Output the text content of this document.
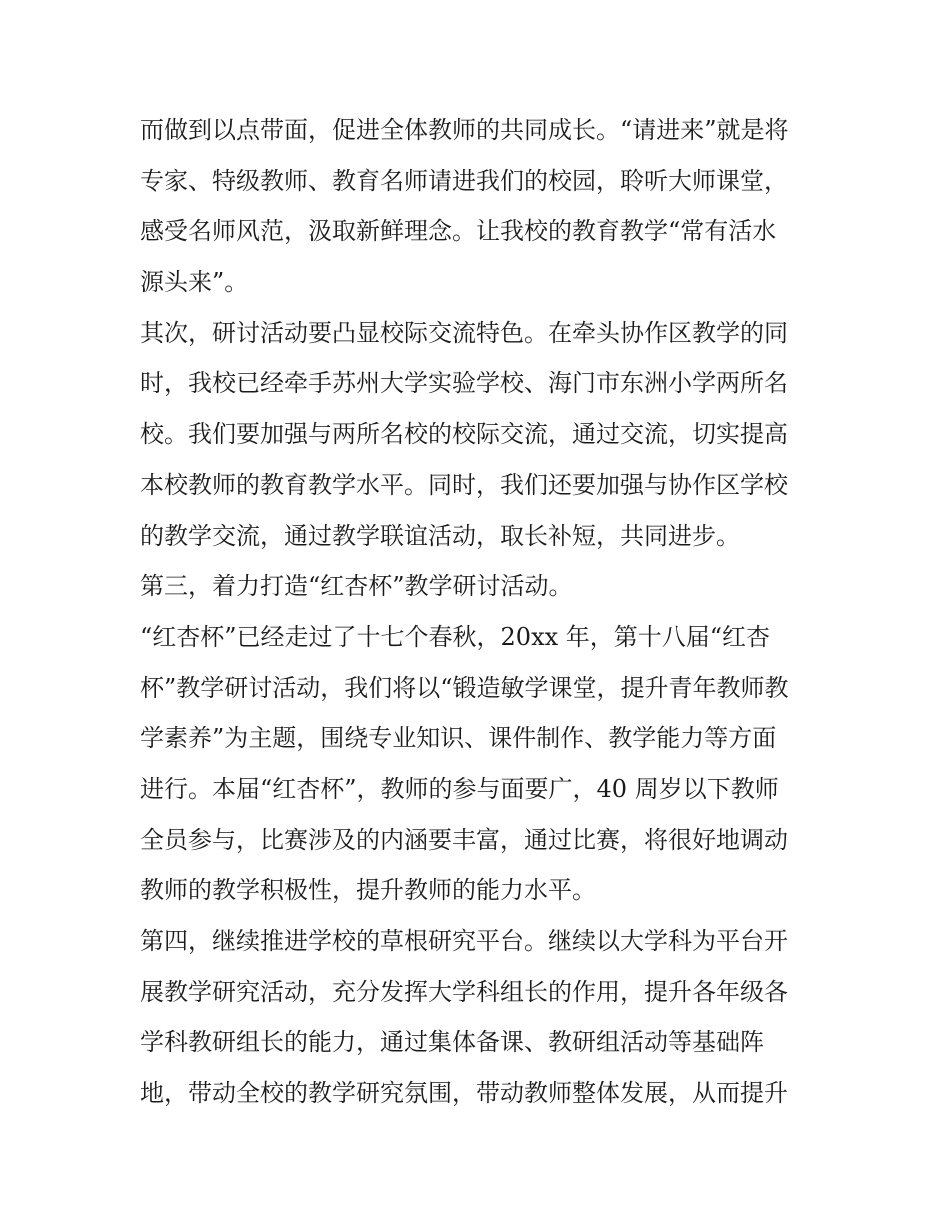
而做到以点带面，促进全体教师的共同成长。“请进来”就是将
专家、特级教师、教育名师请进我们的校园，聆听大师课堂，
感受名师风范，汲取新鲜理念。让我校的教育教学“常有活水
源头来”。
其次，研讨活动要凸显校际交流特色。在牵头协作区教学的同
时，我校已经牵手苏州大学实验学校、海门市东洲小学两所名
校。我们要加强与两所名校的校际交流，通过交流，切实提高
本校教师的教育教学水平。同时，我们还要加强与协作区学校
的教学交流，通过教学联谊活动，取长补短，共同进步。
第三，着力打造“红杏杯”教学研讨活动。
“红杏杯”已经走过了十七个春秋，20xx 年，第十八届“红杏
杯”教学研讨活动，我们将以“锻造敏学课堂，提升青年教师教
学素养”为主题，围绕专业知识、课件制作、教学能力等方面
进行。本届“红杏杯”，教师的参与面要广，40 周岁以下教师
全员参与，比赛涉及的内涵要丰富，通过比赛，将很好地调动
教师的教学积极性，提升教师的能力水平。
第四，继续推进学校的草根研究平台。继续以大学科为平台开
展教学研究活动，充分发挥大学科组长的作用，提升各年级各
学科教研组长的能力，通过集体备课、教研组活动等基础阵
地，带动全校的教学研究氛围，带动教师整体发展，从而提升
